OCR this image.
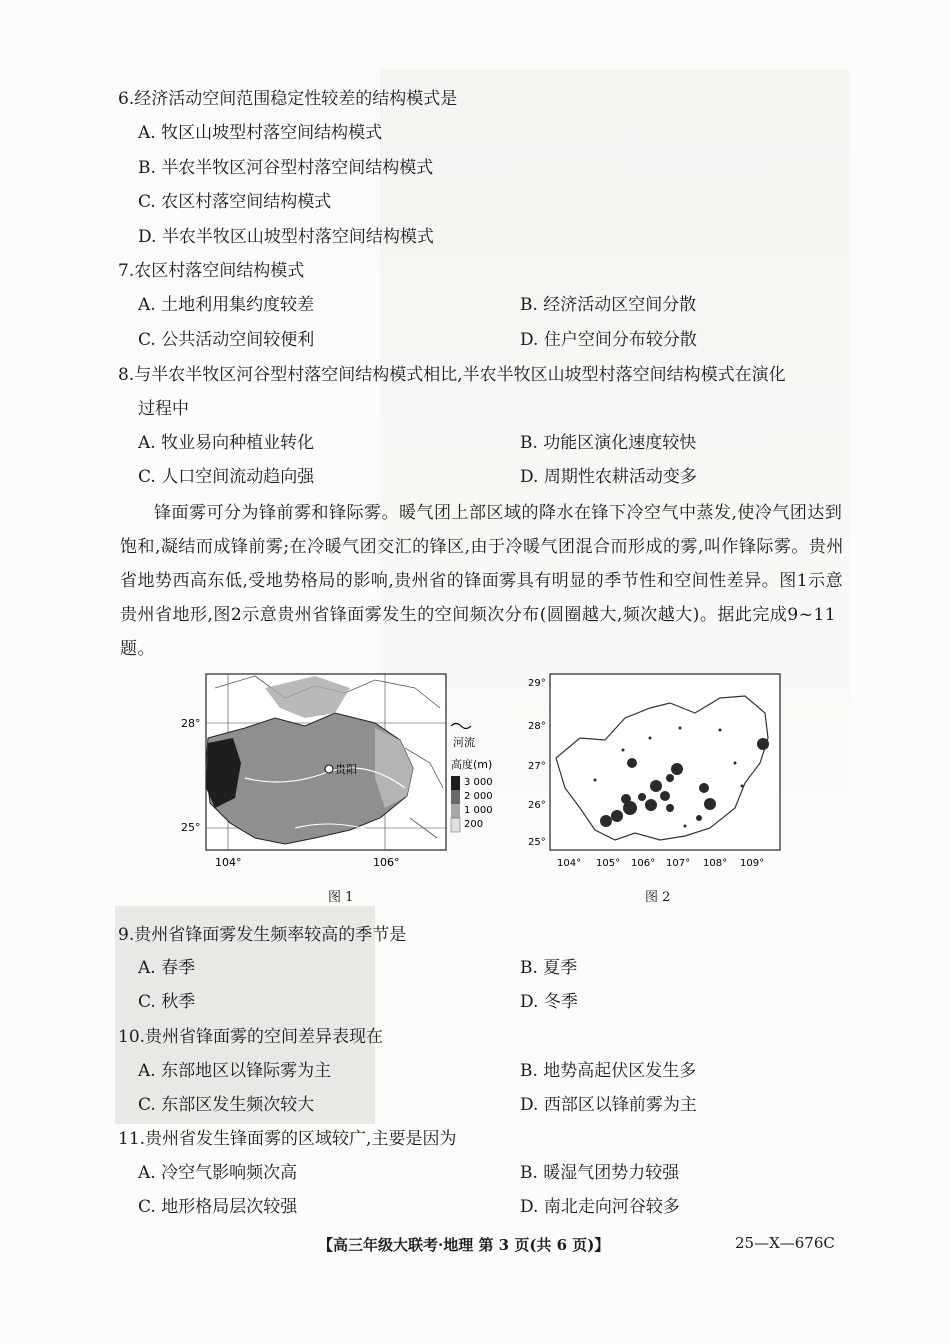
6.经济活动空间范围稳定性较差的结构模式是
A. 牧区山坡型村落空间结构模式
B. 半农半牧区河谷型村落空间结构模式
C. 农区村落空间结构模式
D. 半农半牧区山坡型村落空间结构模式
7.农区村落空间结构模式
A. 土地利用集约度较差	B. 经济活动区空间分散
C. 公共活动空间较便利	D. 住户空间分布较分散
8.与半农半牧区河谷型村落空间结构模式相比,半农半牧区山坡型村落空间结构模式在演化
过程中
A. 牧业易向种植业转化	B. 功能区演化速度较快
C. 人口空间流动趋向强	D. 周期性农耕活动变多
锋面雾可分为锋前雾和锋际雾。暖气团上部区域的降水在锋下冷空气中蒸发,使冷气团达到饱和,凝结而成锋前雾;在冷暖气团交汇的锋区,由于冷暖气团混合而形成的雾,叫作锋际雾。贵州省地势西高东低,受地势格局的影响,贵州省的锋面雾具有明显的季节性和空间性差异。图1示意贵州省地形,图2示意贵州省锋面雾发生的空间频次分布(圆圈越大,频次越大)。据此完成9~11题。
贵阳
28°
25°
104°	106°
河流
高度(m)
3 000
2 000
1 000
200
图 1
29°
28°
27°
26°
25°
104° 105° 106° 107° 108° 109°
图 2
9.贵州省锋面雾发生频率较高的季节是
A. 春季	B. 夏季
C. 秋季	D. 冬季
10.贵州省锋面雾的空间差异表现在
A. 东部地区以锋际雾为主	B. 地势高起伏区发生多
C. 东部区发生频次较大	D. 西部区以锋前雾为主
11.贵州省发生锋面雾的区域较广,主要是因为
A. 冷空气影响频次高	B. 暖湿气团势力较强
C. 地形格局层次较强	D. 南北走向河谷较多
【高三年级大联考·地理 第 3 页(共 6 页)】	25—X—676C
